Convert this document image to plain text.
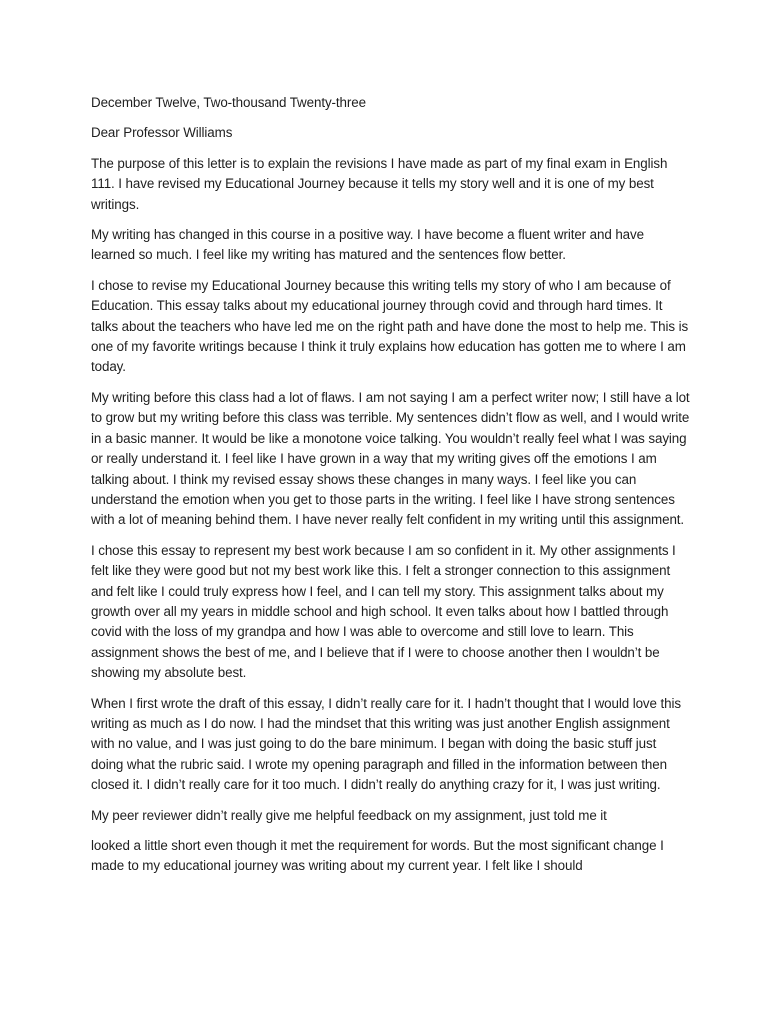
December Twelve, Two-thousand Twenty-three

Dear Professor Williams

The purpose of this letter is to explain the revisions I have made as part of my final exam in English 111. I have revised my Educational Journey because it tells my story well and it is one of my best writings.

My writing has changed in this course in a positive way. I have become a fluent writer and have learned so much. I feel like my writing has matured and the sentences flow better.

I chose to revise my Educational Journey because this writing tells my story of who I am because of Education. This essay talks about my educational journey through covid and through hard times. It talks about the teachers who have led me on the right path and have done the most to help me. This is one of my favorite writings because I think it truly explains how education has gotten me to where I am today.

My writing before this class had a lot of flaws. I am not saying I am a perfect writer now; I still have a lot to grow but my writing before this class was terrible. My sentences didn’t flow as well, and I would write in a basic manner. It would be like a monotone voice talking. You wouldn’t really feel what I was saying or really understand it. I feel like I have grown in a way that my writing gives off the emotions I am talking about. I think my revised essay shows these changes in many ways. I feel like you can understand the emotion when you get to those parts in the writing. I feel like I have strong sentences with a lot of meaning behind them. I have never really felt confident in my writing until this assignment.

I chose this essay to represent my best work because I am so confident in it. My other assignments I felt like they were good but not my best work like this. I felt a stronger connection to this assignment and felt like I could truly express how I feel, and I can tell my story. This assignment talks about my growth over all my years in middle school and high school. It even talks about how I battled through covid with the loss of my grandpa and how I was able to overcome and still love to learn. This assignment shows the best of me, and I believe that if I were to choose another then I wouldn’t be showing my absolute best.

When I first wrote the draft of this essay, I didn’t really care for it. I hadn’t thought that I would love this writing as much as I do now. I had the mindset that this writing was just another English assignment with no value, and I was just going to do the bare minimum. I began with doing the basic stuff just doing what the rubric said. I wrote my opening paragraph and filled in the information between then closed it. I didn’t really care for it too much. I didn’t really do anything crazy for it, I was just writing.

My peer reviewer didn’t really give me helpful feedback on my assignment, just told me it

looked a little short even though it met the requirement for words. But the most significant change I made to my educational journey was writing about my current year. I felt like I should
